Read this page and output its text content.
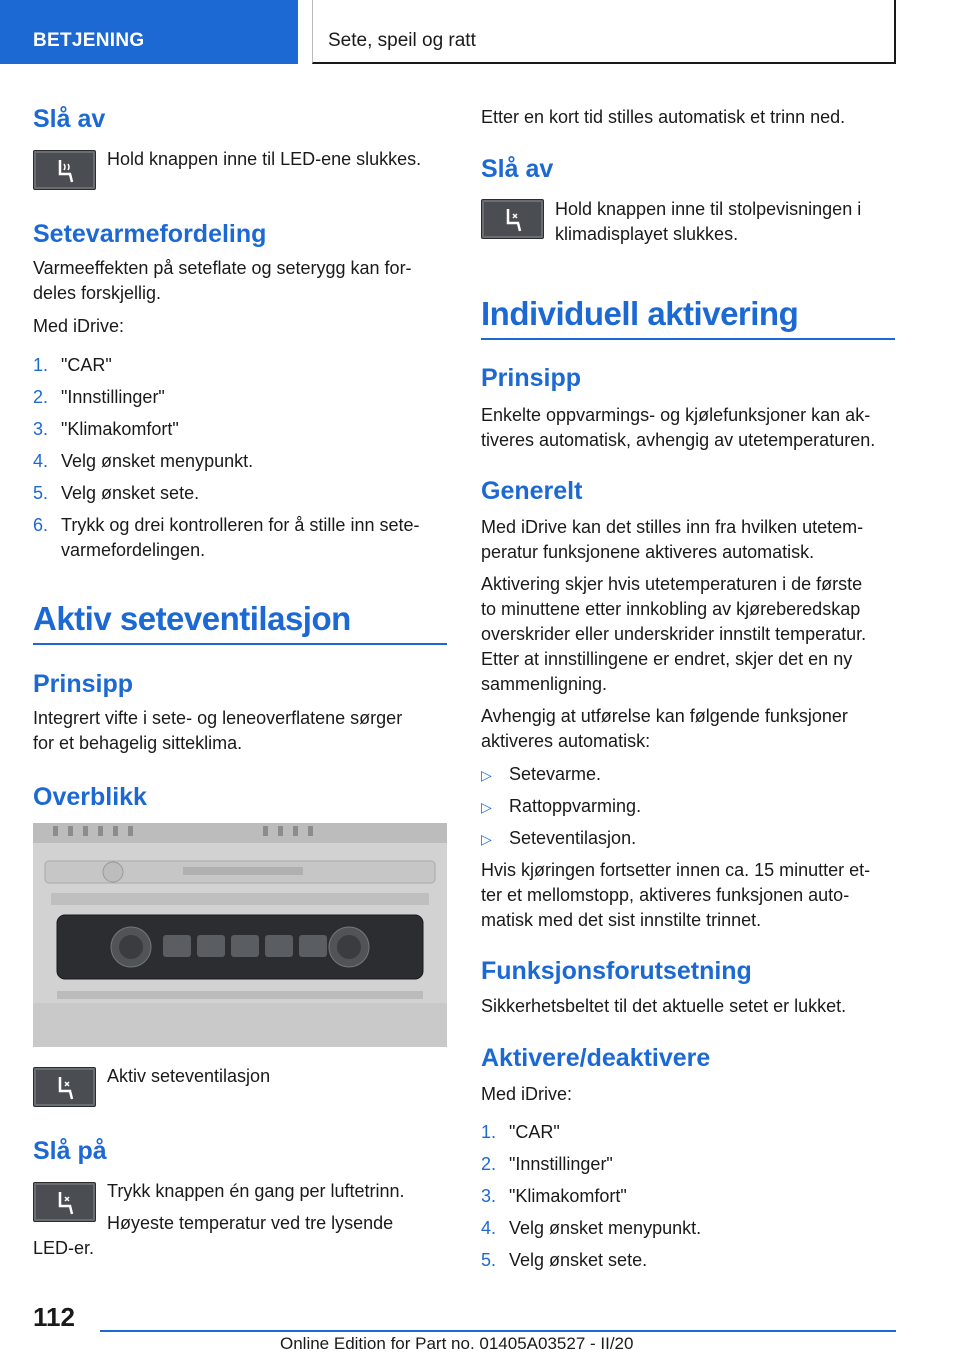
BETJENING	Sete, speil og ratt
Slå av
Hold knappen inne til LED-ene slukkes.
Setevarmefordeling
Varmeeffekten på seteflate og seterygg kan for-
deles forskjellig.
Med iDrive:
1. "CAR"
2. "Innstillinger"
3. "Klimakomfort"
4. Velg ønsket menypunkt.
5. Velg ønsket sete.
6. Trykk og drei kontrolleren for å stille inn sete-
varmefordelingen.
Aktiv seteventilasjon
Prinsipp
Integrert vifte i sete- og leneoverflatene sørger
for et behagelig sitteklima.
Overblikk
Aktiv seteventilasjon
Slå på
Trykk knappen én gang per luftetrinn.
Høyeste temperatur ved tre lysende
LED-er.
Etter en kort tid stilles automatisk et trinn ned.
Slå av
Hold knappen inne til stolpevisningen i
klimadisplayet slukkes.
Individuell aktivering
Prinsipp
Enkelte oppvarmings- og kjølefunksjoner kan ak-
tiveres automatisk, avhengig av utetemperaturen.
Generelt
Med iDrive kan det stilles inn fra hvilken utetem-
peratur funksjonene aktiveres automatisk.
Aktivering skjer hvis utetemperaturen i de første
to minuttene etter innkobling av kjøreberedskap
overskrider eller underskrider innstilt temperatur.
Etter at innstillingene er endret, skjer det en ny
sammenligning.
Avhengig at utførelse kan følgende funksjoner
aktiveres automatisk:
▷ Setevarme.
▷ Rattoppvarming.
▷ Seteventilasjon.
Hvis kjøringen fortsetter innen ca. 15 minutter et-
ter et mellomstopp, aktiveres funksjonen auto-
matisk med det sist innstilte trinnet.
Funksjonsforutsetning
Sikkerhetsbeltet til det aktuelle setet er lukket.
Aktivere/deaktivere
Med iDrive:
1. "CAR"
2. "Innstillinger"
3. "Klimakomfort"
4. Velg ønsket menypunkt.
5. Velg ønsket sete.
112
Online Edition for Part no. 01405A03527 - II/20
